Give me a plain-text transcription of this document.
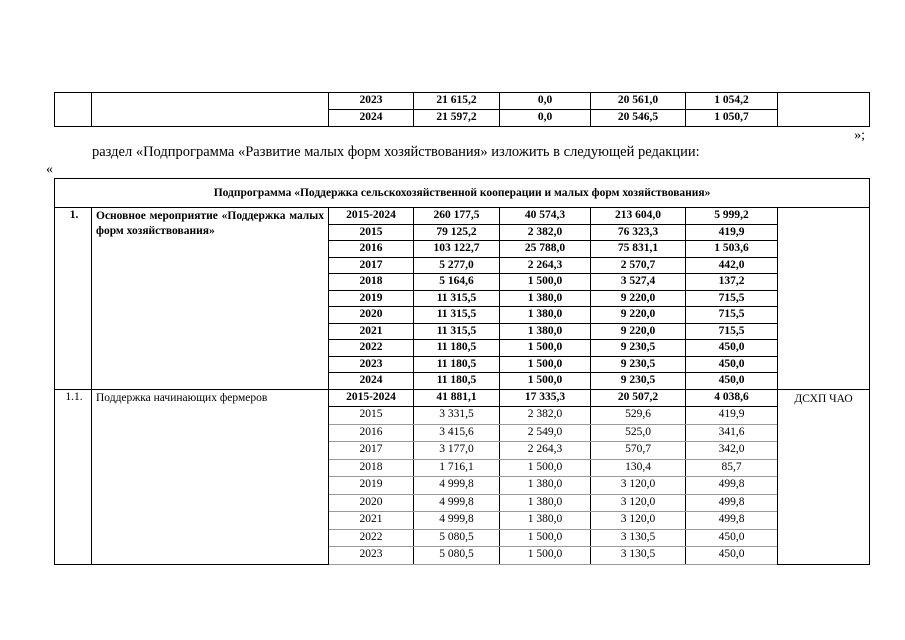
		2023	21 615,2	0,0	20 561,0	1 054,2	
		2024	21 597,2	0,0	20 546,5	1 050,7	
»;
раздел «Подпрограмма «Развитие малых форм хозяйствования» изложить в следующей редакции:
«
Подпрограмма «Поддержка сельскохозяйственной кооперации и малых форм хозяйствования»							
1.	Основное мероприятие «Поддержка малых форм хозяйствования»	2015-2024	260 177,5	40 574,3	213 604,0	5 999,2	
		2015	79 125,2	2 382,0	76 323,3	419,9	
		2016	103 122,7	25 788,0	75 831,1	1 503,6	
		2017	5 277,0	2 264,3	2 570,7	442,0	
		2018	5 164,6	1 500,0	3 527,4	137,2	
		2019	11 315,5	1 380,0	9 220,0	715,5	
		2020	11 315,5	1 380,0	9 220,0	715,5	
		2021	11 315,5	1 380,0	9 220,0	715,5	
		2022	11 180,5	1 500,0	9 230,5	450,0	
		2023	11 180,5	1 500,0	9 230,5	450,0	
		2024	11 180,5	1 500,0	9 230,5	450,0	
1.1.	Поддержка начинающих фермеров	2015-2024	41 881,1	17 335,3	20 507,2	4 038,6	ДСХП ЧАО
		2015	3 331,5	2 382,0	529,6	419,9	
		2016	3 415,6	2 549,0	525,0	341,6	
		2017	3 177,0	2 264,3	570,7	342,0	
		2018	1 716,1	1 500,0	130,4	85,7	
		2019	4 999,8	1 380,0	3 120,0	499,8	
		2020	4 999,8	1 380,0	3 120,0	499,8	
		2021	4 999,8	1 380,0	3 120,0	499,8	
		2022	5 080,5	1 500,0	3 130,5	450,0	
		2023	5 080,5	1 500,0	3 130,5	450,0	
